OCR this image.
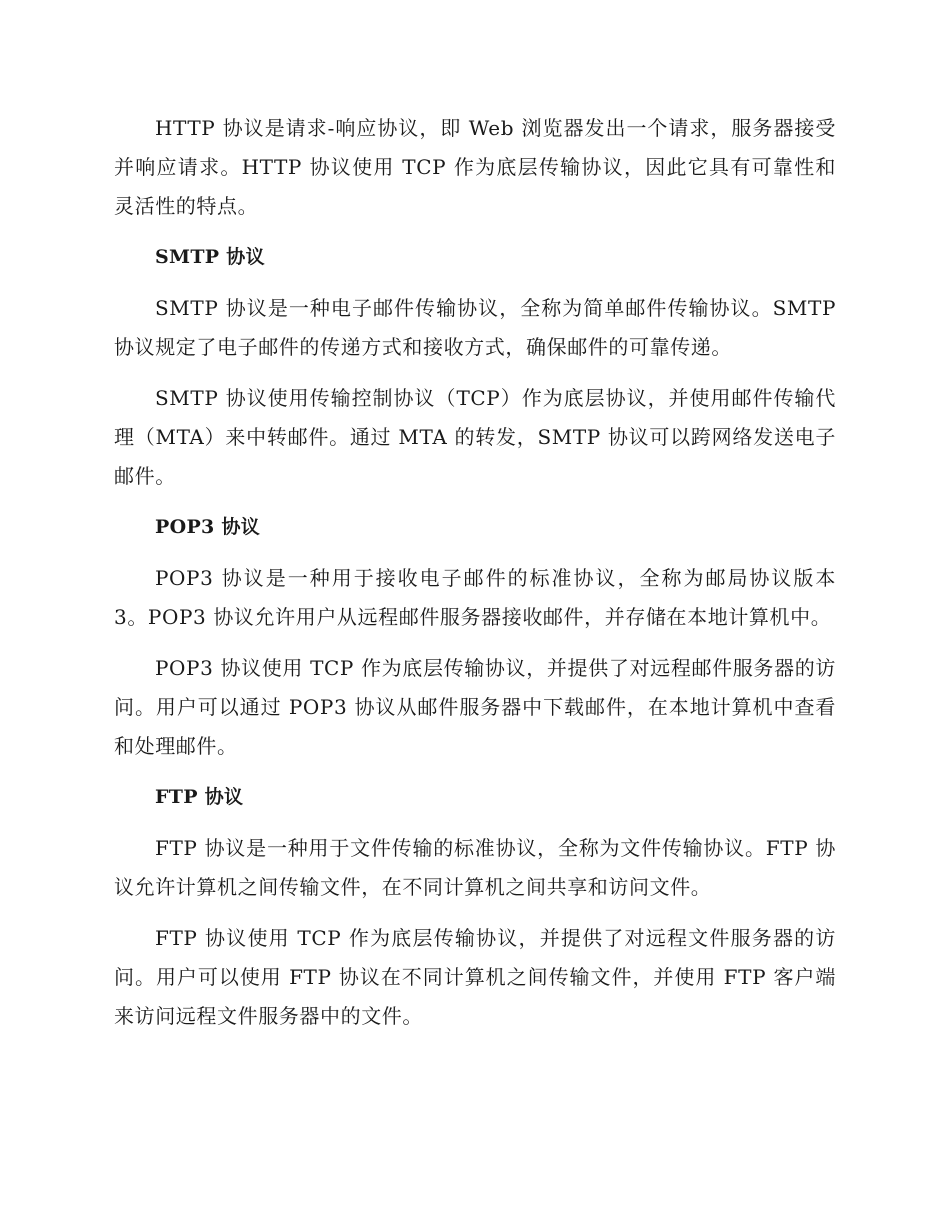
HTTP 协议是请求-响应协议，即 Web 浏览器发出一个请求，服务器接受并响应请求。HTTP 协议使用 TCP 作为底层传输协议，因此它具有可靠性和灵活性的特点。

SMTP 协议

SMTP 协议是一种电子邮件传输协议，全称为简单邮件传输协议。SMTP 协议规定了电子邮件的传递方式和接收方式，确保邮件的可靠传递。

SMTP 协议使用传输控制协议（TCP）作为底层协议，并使用邮件传输代理（MTA）来中转邮件。通过 MTA 的转发，SMTP 协议可以跨网络发送电子邮件。

POP3 协议

POP3 协议是一种用于接收电子邮件的标准协议，全称为邮局协议版本 3。POP3 协议允许用户从远程邮件服务器接收邮件，并存储在本地计算机中。

POP3 协议使用 TCP 作为底层传输协议，并提供了对远程邮件服务器的访问。用户可以通过 POP3 协议从邮件服务器中下载邮件，在本地计算机中查看和处理邮件。

FTP 协议

FTP 协议是一种用于文件传输的标准协议，全称为文件传输协议。FTP 协议允许计算机之间传输文件，在不同计算机之间共享和访问文件。

FTP 协议使用 TCP 作为底层传输协议，并提供了对远程文件服务器的访问。用户可以使用 FTP 协议在不同计算机之间传输文件，并使用 FTP 客户端来访问远程文件服务器中的文件。
